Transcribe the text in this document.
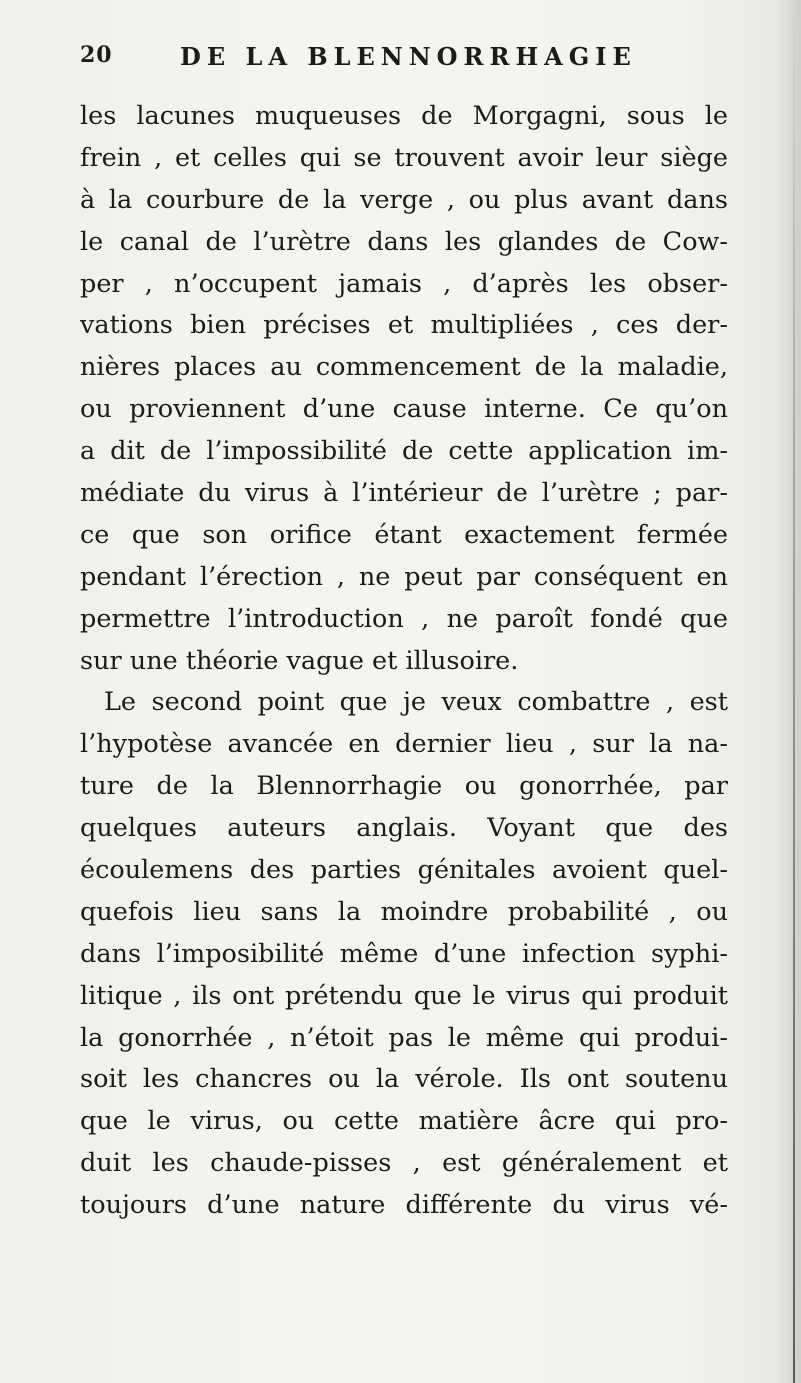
20	DE LA BLENNORRHAGIE
les lacunes muqueuses de Morgagni, sous le
frein , et celles qui se trouvent avoir leur siège
à la courbure de la verge , ou plus avant dans
le canal de l’urètre dans les glandes de Cow-
per , n’occupent jamais , d’après les obser-
vations bien précises et multipliées , ces der-
nières places au commencement de la maladie,
ou proviennent d’une cause interne. Ce qu’on
a dit de l’impossibilité de cette application im-
médiate du virus à l’intérieur de l’urètre ; par-
ce que son orifice étant exactement fermée
pendant l’érection , ne peut par conséquent en
permettre l’introduction , ne paroît fondé que
sur une théorie vague et illusoire.
Le second point que je veux combattre , est
l’hypotèse avancée en dernier lieu , sur la na-
ture de la Blennorrhagie ou gonorrhée, par
quelques auteurs anglais. Voyant que des
écoulemens des parties génitales avoient quel-
quefois lieu sans la moindre probabilité , ou
dans l’imposibilité même d’une infection syphi-
litique , ils ont prétendu que le virus qui produit
la gonorrhée , n’étoit pas le même qui produi-
soit les chancres ou la vérole. Ils ont soutenu
que le virus, ou cette matière âcre qui pro-
duit les chaude-pisses , est généralement et
toujours d’une nature différente du virus vé-
